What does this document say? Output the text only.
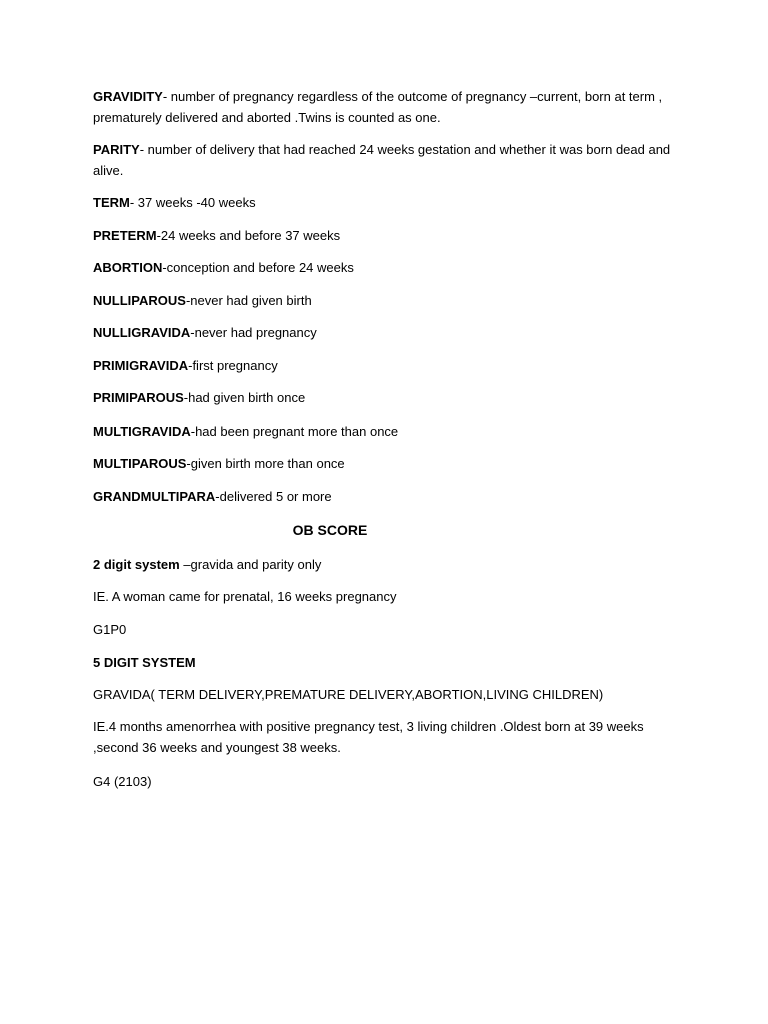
GRAVIDITY- number of pregnancy regardless of the outcome of pregnancy –current, born at term , prematurely delivered and aborted .Twins is counted as one.

PARITY- number of delivery that had reached 24 weeks gestation and whether it was born dead and alive.

TERM- 37 weeks -40 weeks

PRETERM-24 weeks and before 37 weeks

ABORTION-conception and before 24 weeks

NULLIPAROUS-never had given birth

NULLIGRAVIDA-never had pregnancy

PRIMIGRAVIDA-first pregnancy

PRIMIPAROUS-had given birth once

MULTIGRAVIDA-had been pregnant more than once

MULTIPAROUS-given birth more than once

GRANDMULTIPARA-delivered 5 or more

OB SCORE

2 digit system –gravida and parity only

IE. A woman came for prenatal, 16 weeks pregnancy

G1P0

5 DIGIT SYSTEM

GRAVIDA( TERM DELIVERY,PREMATURE DELIVERY,ABORTION,LIVING CHILDREN)

IE.4 months amenorrhea with positive pregnancy test, 3 living children .Oldest born at 39 weeks ,second 36 weeks and youngest 38 weeks.

G4 (2103)
